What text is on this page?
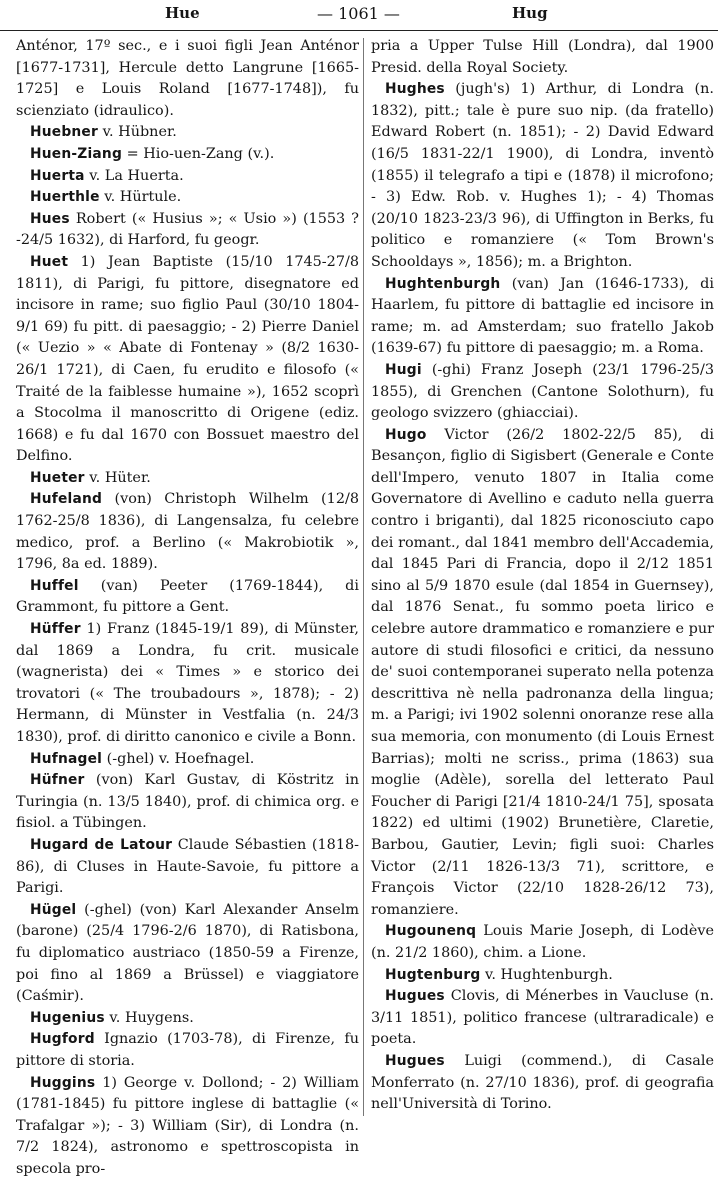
Hue	— 1061 —	Hug

Anténor, 17º sec., e i suoi figli Jean Anténor [1677-1731], Hercule detto Langrune [1665-1725] e Louis Roland [1677-1748]), fu scienziato (idraulico).

Huebner v. Hübner.

Huen-Ziang = Hio-uen-Zang (v.).

Huerta v. La Huerta.

Huerthle v. Hürtule.

Hues Robert (« Husius »; « Usio ») (1553 ?-24/5 1632), di Harford, fu geogr.

Huet 1) Jean Baptiste (15/10 1745-27/8 1811), di Parigi, fu pittore, disegnatore ed incisore in rame; suo figlio Paul (30/10 1804-9/1 69) fu pitt. di paesaggio; - 2) Pierre Daniel (« Uezio » « Abate di Fontenay » (8/2 1630-26/1 1721), di Caen, fu erudito e filosofo (« Traité de la faiblesse humaine »), 1652 scoprì a Stocolma il manoscritto di Origene (ediz. 1668) e fu dal 1670 con Bossuet maestro del Delfino.

Hueter v. Hüter.

Hufeland (von) Christoph Wilhelm (12/8 1762-25/8 1836), di Langensalza, fu celebre medico, prof. a Berlino (« Makrobiotik », 1796, 8a ed. 1889).

Huffel (van) Peeter (1769-1844), di Grammont, fu pittore a Gent.

Hüffer 1) Franz (1845-19/1 89), di Münster, dal 1869 a Londra, fu crit. musicale (wagnerista) dei « Times » e storico dei trovatori (« The troubadours », 1878); - 2) Hermann, di Münster in Vestfalia (n. 24/3 1830), prof. di diritto canonico e civile a Bonn.

Hufnagel (-ghel) v. Hoefnagel.

Hüfner (von) Karl Gustav, di Köstritz in Turingia (n. 13/5 1840), prof. di chimica org. e fisiol. a Tübingen.

Hugard de Latour Claude Sébastien (1818-86), di Cluses in Haute-Savoie, fu pittore a Parigi.

Hügel (-ghel) (von) Karl Alexander Anselm (barone) (25/4 1796-2/6 1870), di Ratisbona, fu diplomatico austriaco (1850-59 a Firenze, poi fino al 1869 a Brüssel) e viaggiatore (Caśmir).

Hugenius v. Huygens.

Hugford Ignazio (1703-78), di Firenze, fu pittore di storia.

Huggins 1) George v. Dollond; - 2) William (1781-1845) fu pittore inglese di battaglie (« Trafalgar »); - 3) William (Sir), di Londra (n. 7/2 1824), astronomo e spettroscopista in specola pro-

pria a Upper Tulse Hill (Londra), dal 1900 Presid. della Royal Society.

Hughes (jugh's) 1) Arthur, di Londra (n. 1832), pitt.; tale è pure suo nip. (da fratello) Edward Robert (n. 1851); - 2) David Edward (16/5 1831-22/1 1900), di Londra, inventò (1855) il telegrafo a tipi e (1878) il microfono; - 3) Edw. Rob. v. Hughes 1); - 4) Thomas (20/10 1823-23/3 96), di Uffington in Berks, fu politico e romanziere (« Tom Brown's Schooldays », 1856); m. a Brighton.

Hughtenburgh (van) Jan (1646-1733), di Haarlem, fu pittore di battaglie ed incisore in rame; m. ad Amsterdam; suo fratello Jakob (1639-67) fu pittore di paesaggio; m. a Roma.

Hugi (-ghi) Franz Joseph (23/1 1796-25/3 1855), di Grenchen (Cantone Solothurn), fu geologo svizzero (ghiacciai).

Hugo Victor (26/2 1802-22/5 85), di Besançon, figlio di Sigisbert (Generale e Conte dell'Impero, venuto 1807 in Italia come Governatore di Avellino e caduto nella guerra contro i briganti), dal 1825 riconosciuto capo dei romant., dal 1841 membro dell'Accademia, dal 1845 Pari di Francia, dopo il 2/12 1851 sino al 5/9 1870 esule (dal 1854 in Guernsey), dal 1876 Senat., fu sommo poeta lirico e celebre autore drammatico e romanziere e pur autore di studi filosofici e critici, da nessuno de' suoi contemporanei superato nella potenza descrittiva nè nella padronanza della lingua; m. a Parigi; ivi 1902 solenni onoranze rese alla sua memoria, con monumento (di Louis Ernest Barrias); molti ne scriss., prima (1863) sua moglie (Adèle), sorella del letterato Paul Foucher di Parigi [21/4 1810-24/1 75], sposata 1822) ed ultimi (1902) Brunetière, Claretie, Barbou, Gautier, Levin; figli suoi: Charles Victor (2/11 1826-13/3 71), scrittore, e François Victor (22/10 1828-26/12 73), romanziere.

Hugounenq Louis Marie Joseph, di Lodève (n. 21/2 1860), chim. a Lione.

Hugtenburg v. Hughtenburgh.

Hugues Clovis, di Ménerbes in Vaucluse (n. 3/11 1851), politico francese (ultraradicale) e poeta.

Hugues Luigi (commend.), di Casale Monferrato (n. 27/10 1836), prof. di geografia nell'Università di Torino.
